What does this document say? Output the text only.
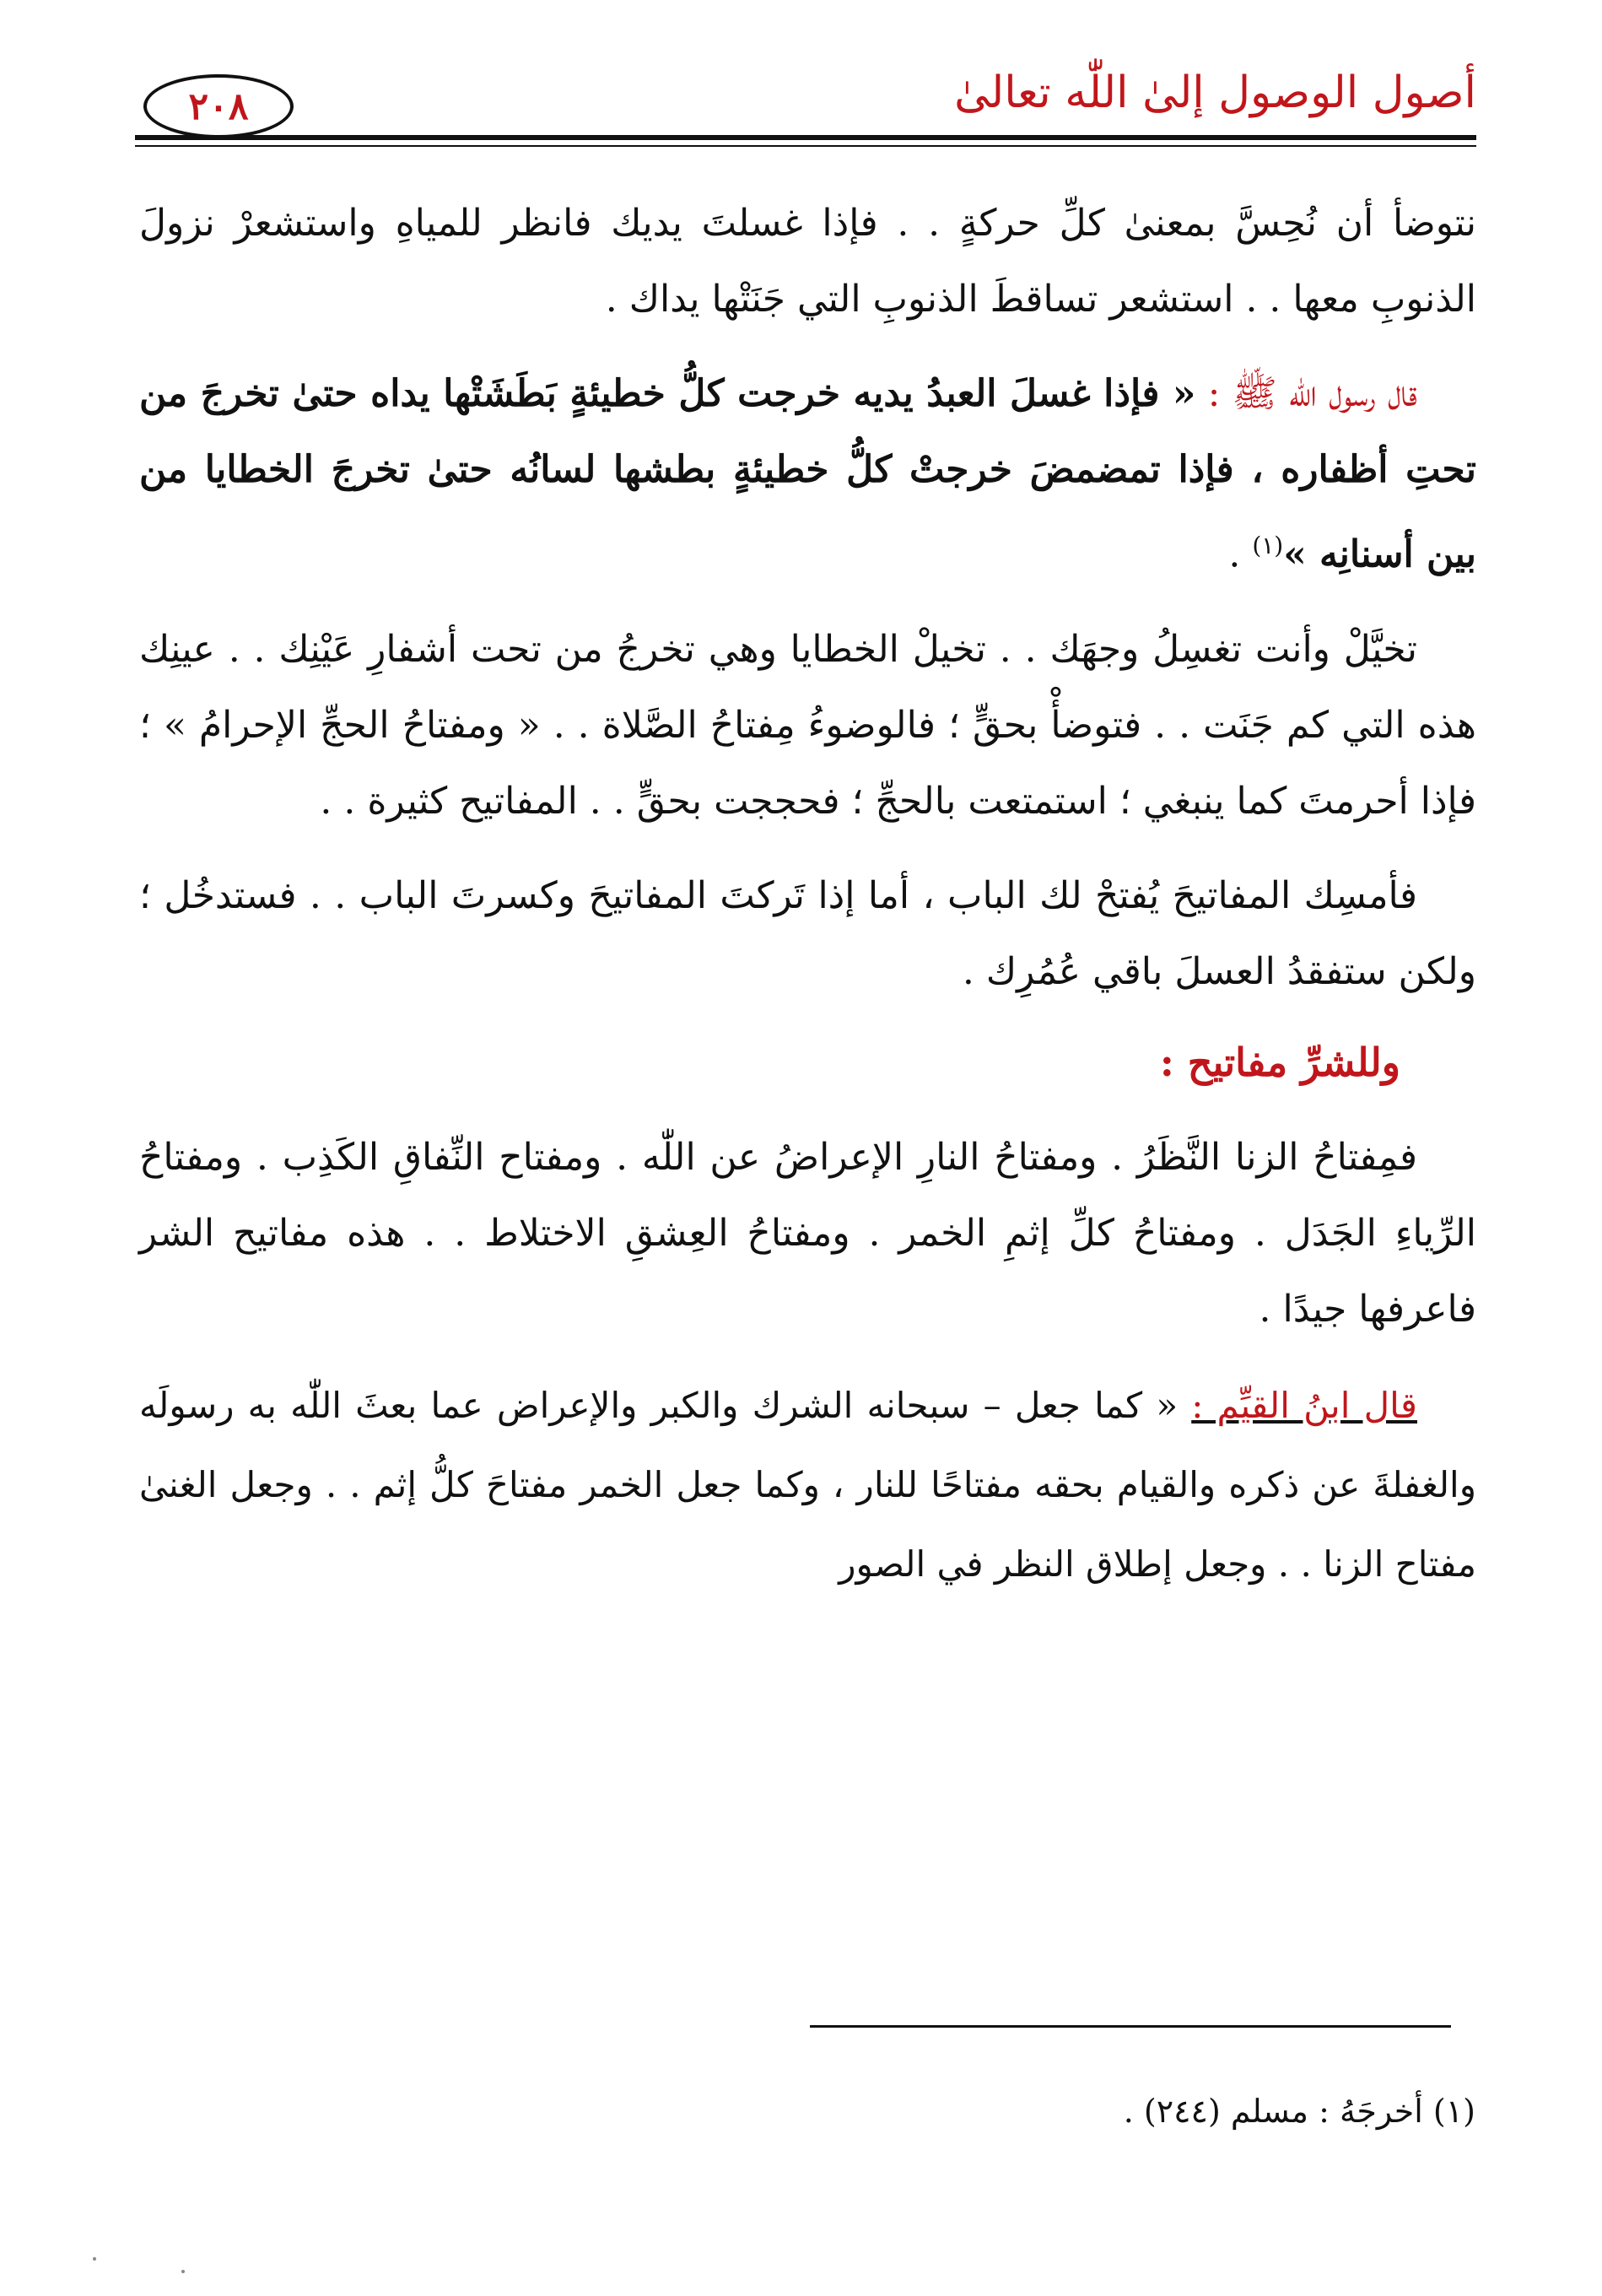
أصول الوصول إلىٰ اللّٰه تعالىٰ
٢٠٨

نتوضأ أن نُحِسَّ بمعنىٰ كلِّ حركةٍ . . فإذا غسلتَ يديك فانظر للمياهِ واستشعرْ نزولَ الذنوبِ معها . . استشعر تساقطَ الذنوبِ التي جَنَتْها يداك .

قال رسول اللّٰه ﷺ : « فإذا غسلَ العبدُ يديه خرجت كلُّ خطيئةٍ بَطَشَتْها يداه حتىٰ تخرجَ من تحتِ أظفاره ، فإذا تمضمضَ خرجتْ كلُّ خطيئةٍ بطشها لسانُه حتىٰ تخرجَ الخطايا من بين أسنانِه »$^{(١)}$ .

تخيَّلْ وأنت تغسِلُ وجهَك . . تخيلْ الخطايا وهي تخرجُ من تحت أشفارِ عَيْنِك . . عينِك هذه التي كم جَنَت . . فتوضأْ بحقٍّ ؛ فالوضوءُ مِفتاحُ الصَّلاة . . « ومفتاحُ الحجِّ الإحرامُ » ؛ فإذا أحرمتَ كما ينبغي ؛ استمتعت بالحجِّ ؛ فحججت بحقٍّ . . المفاتيح كثيرة . .

فأمسِك المفاتيحَ يُفتحْ لك الباب ، أما إذا تَركتَ المفاتيحَ وكسرتَ الباب . . فستدخُل ؛ ولكن ستفقدُ العسلَ باقي عُمُرِك .

وللشرِّ مفاتيح :

فمِفتاحُ الزنا النَّظَرُ . ومفتاحُ النارِ الإعراضُ عن اللّٰه . ومفتاح النِّفاقِ الكَذِب . ومفتاحُ الرِّياءِ الجَدَل . ومفتاحُ كلِّ إثمِ الخمر . ومفتاحُ العِشقِ الاختلاط . . هذه مفاتيح الشر فاعرفها جيدًا .

قال ابنُ القيِّم : « كما جعل – سبحانه الشرك والكبر والإعراض عما بعثَ اللّٰه به رسولَه والغفلةَ عن ذكره والقيام بحقه مفتاحًا للنار ، وكما جعل الخمر مفتاحَ كلُّ إثم . . وجعل الغنىٰ مفتاح الزنا . . وجعل إطلاق النظر في الصور

(١) أخرجَهُ : مسلم (٢٤٤) .
